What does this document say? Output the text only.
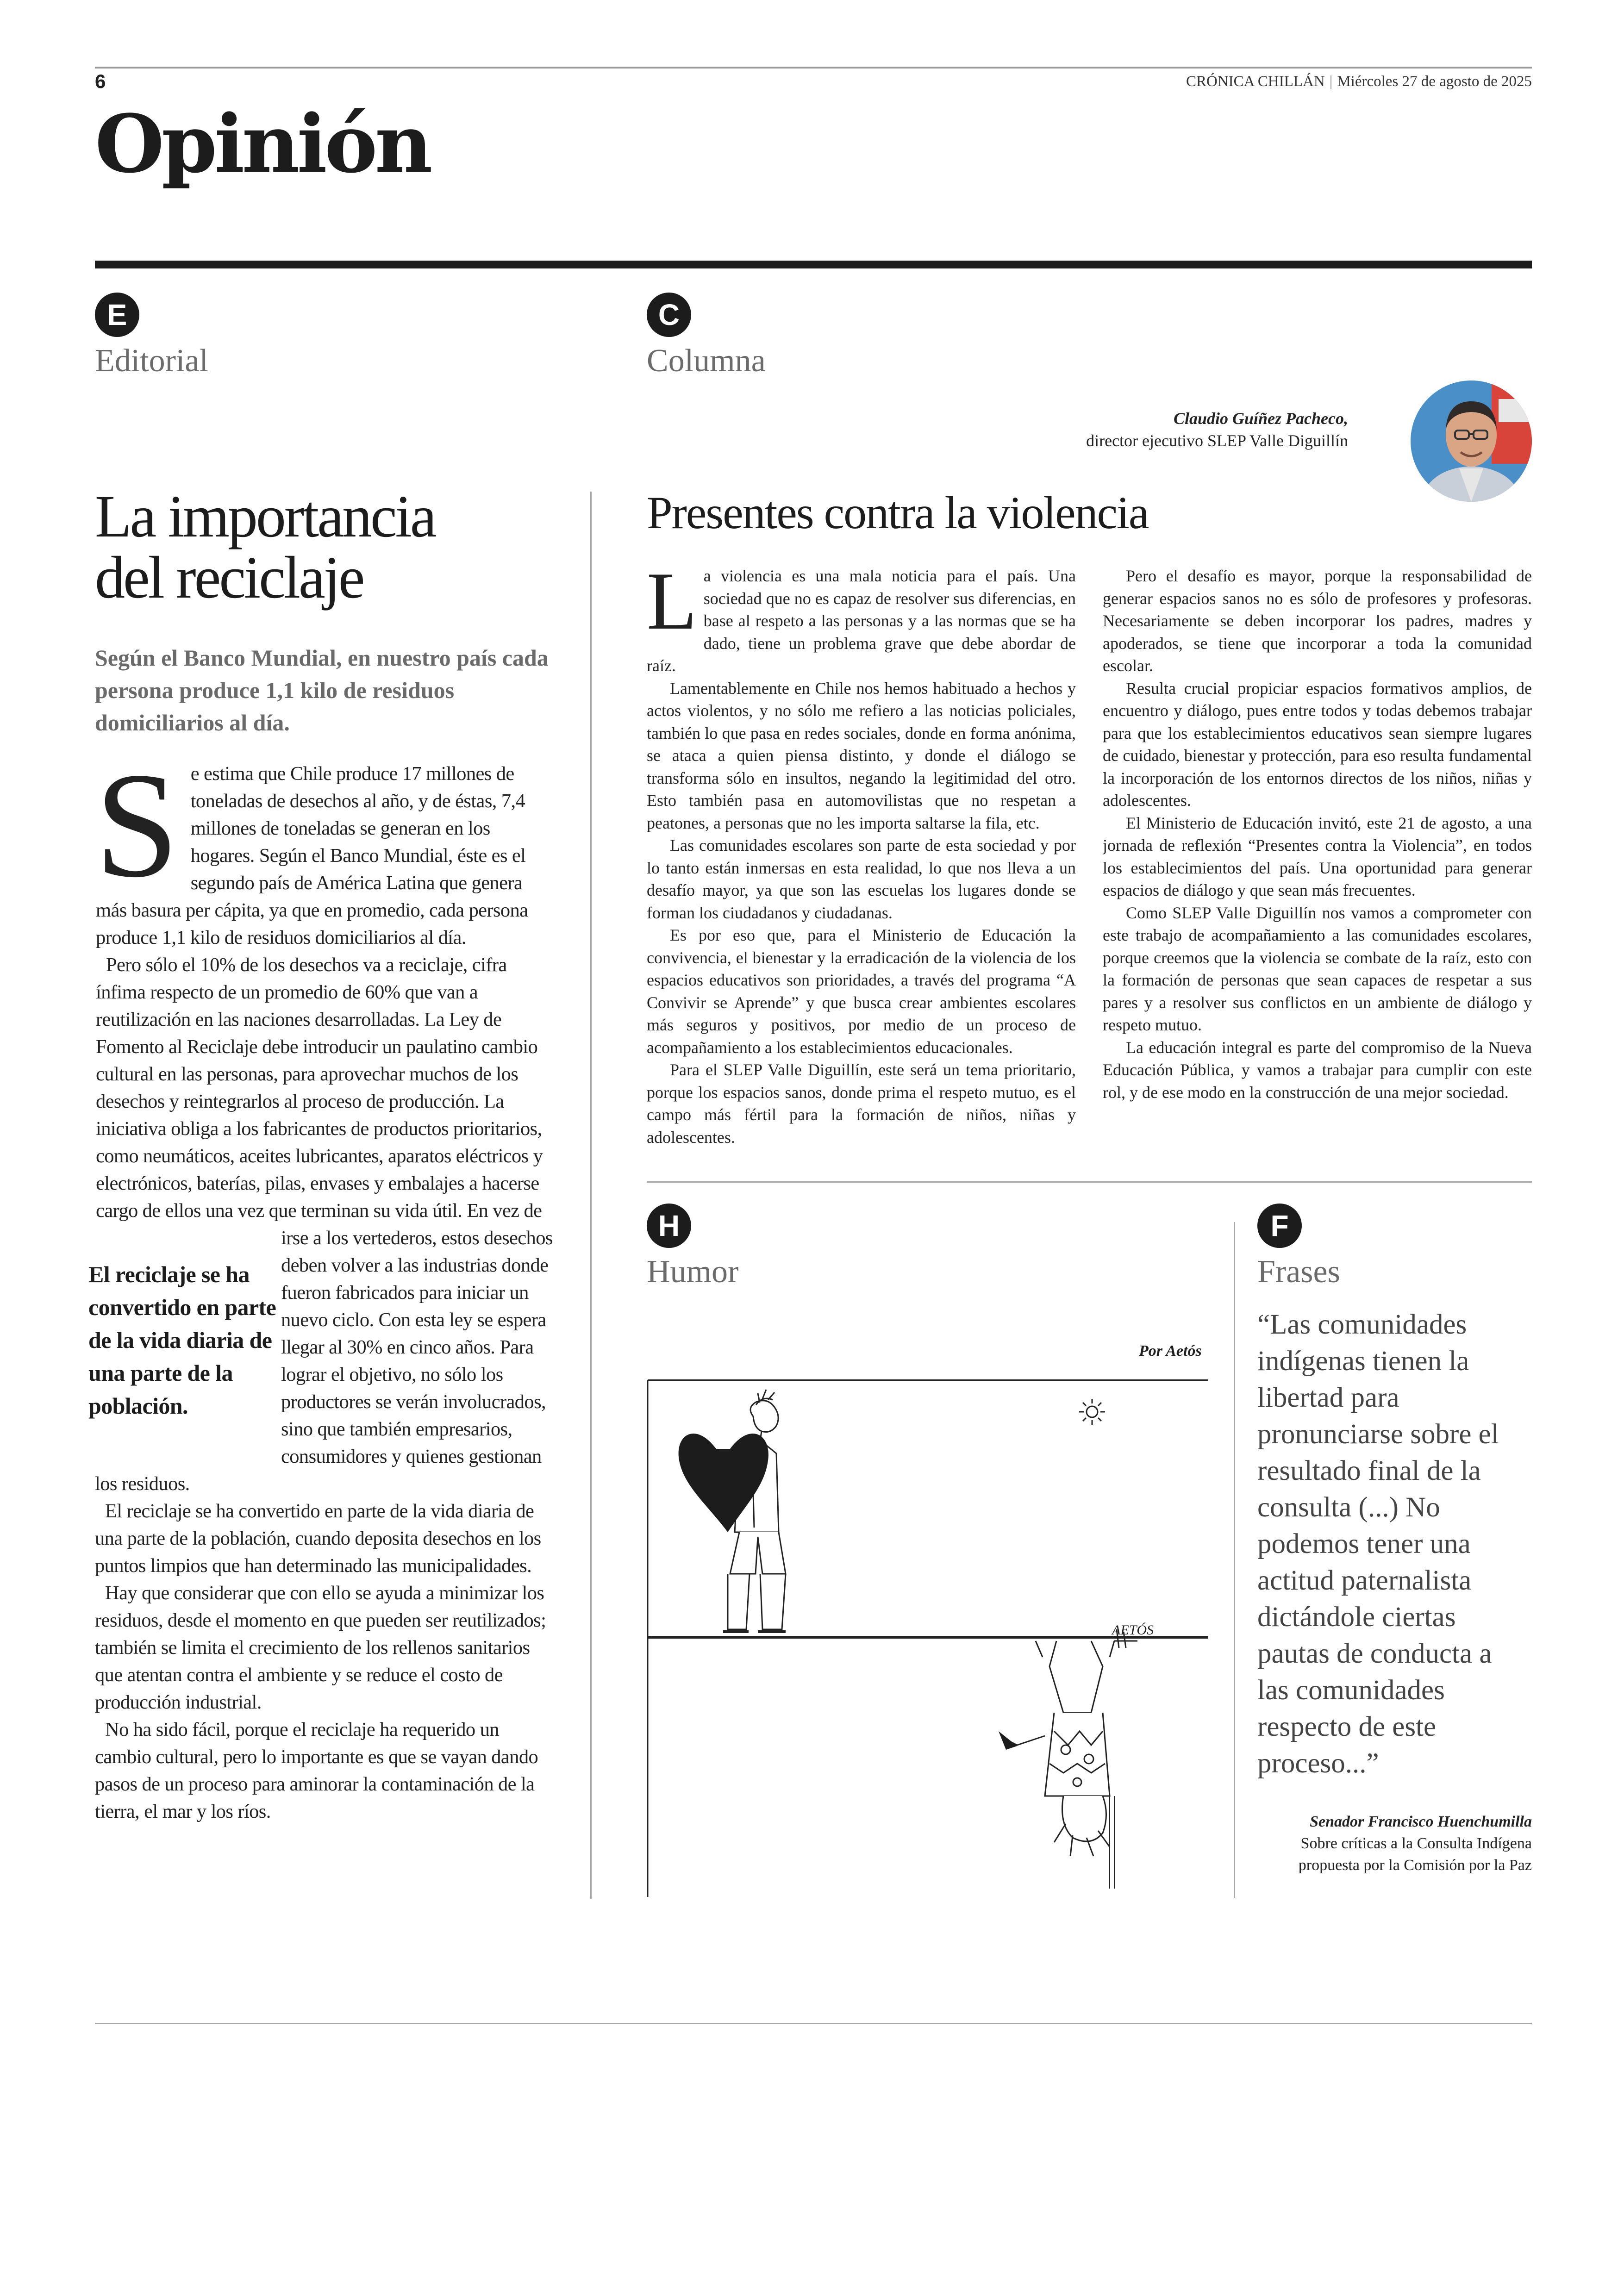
6	CRÓNICA CHILLÁN | Miércoles 27 de agosto de 2025
Opinión
E
Editorial
C
Columna
Claudio Guíñez Pacheco,
director ejecutivo SLEP Valle Diguillín
La importancia
del reciclaje
Según el Banco Mundial, en nuestro país cada persona produce 1,1 kilo de residuos domiciliarios al día.

S
El reciclaje se ha convertido en parte de la vida diaria de una parte de la población.
e estima que Chile produce 17 millones de toneladas de desechos al año, y de éstas, 7,4 millones de toneladas se generan en los hogares. Según el Banco Mundial, éste es el segundo país de América Latina que genera más basura per cápita, ya que en promedio, cada persona produce 1,1 kilo de residuos domiciliarios al día.

Pero sólo el 10% de los desechos va a reciclaje, cifra ínfima respecto de un promedio de 60% que van a reutilización en las naciones desarrolladas. La Ley de Fomento al Reciclaje debe introducir un paulatino cambio cultural en las personas, para aprovechar muchos de los desechos y reintegrarlos al proceso de producción. La iniciativa obliga a los fabricantes de productos prioritarios, como neumáticos, aceites lubricantes, aparatos eléctricos y electrónicos, baterías, pilas, envases y embalajes a hacerse cargo de ellos una vez que terminan su vida útil. En vez de irse a los vertederos, estos desechos deben volver a las industrias donde fueron fabricados para iniciar un nuevo ciclo. Con esta ley se espera llegar al 30% en cinco años. Para lograr el objetivo, no sólo los productores se verán involucrados, sino que también empresarios, consumidores y quienes gestionan los residuos.

El reciclaje se ha convertido en parte de la vida diaria de una parte de la población, cuando deposita desechos en los puntos limpios que han determinado las municipalidades.

Hay que considerar que con ello se ayuda a minimizar los residuos, desde el momento en que pueden ser reutilizados; también se limita el crecimiento de los rellenos sanitarios que atentan contra el ambiente y se reduce el costo de producción industrial.

No ha sido fácil, porque el reciclaje ha requerido un cambio cultural, pero lo importante es que se vayan dando pasos de un proceso para aminorar la contaminación de la tierra, el mar y los ríos.

Presentes contra la violencia

La violencia es una mala noticia para el país. Una sociedad que no es capaz de resolver sus diferencias, en base al respeto a las personas y a las normas que se ha dado, tiene un problema grave que debe abordar de raíz.

Lamentablemente en Chile nos hemos habituado a hechos y actos violentos, y no sólo me refiero a las noticias policiales, también lo que pasa en redes sociales, donde en forma anónima, se ataca a quien piensa distinto, y donde el diálogo se transforma sólo en insultos, negando la legitimidad del otro. Esto también pasa en automovilistas que no respetan a peatones, a personas que no les importa saltarse la fila, etc.

Las comunidades escolares son parte de esta sociedad y por lo tanto están inmersas en esta realidad, lo que nos lleva a un desafío mayor, ya que son las escuelas los lugares donde se forman los ciudadanos y ciudadanas.

Es por eso que, para el Ministerio de Educación la convivencia, el bienestar y la erradicación de la violencia de los espacios educativos son prioridades, a través del programa “A Convivir se Aprende” y que busca crear ambientes escolares más seguros y positivos, por medio de un proceso de acompañamiento a los establecimientos educacionales.

Para el SLEP Valle Diguillín, este será un tema prioritario, porque los espacios sanos, donde prima el respeto mutuo, es el campo más fértil para la formación de niños, niñas y adolescentes.

Pero el desafío es mayor, porque la responsabilidad de generar espacios sanos no es sólo de profesores y profesoras. Necesariamente se deben incorporar los padres, madres y apoderados, se tiene que incorporar a toda la comunidad escolar.

Resulta crucial propiciar espacios formativos amplios, de encuentro y diálogo, pues entre todos y todas debemos trabajar para que los establecimientos educativos sean siempre lugares de cuidado, bienestar y protección, para eso resulta fundamental la incorporación de los entornos directos de los niños, niñas y adolescentes.

El Ministerio de Educación invitó, este 21 de agosto, a una jornada de reflexión “Presentes contra la Violencia”, en todos los establecimientos del país. Una oportunidad para generar espacios de diálogo y que sean más frecuentes.

Como SLEP Valle Diguillín nos vamos a comprometer con este trabajo de acompañamiento a las comunidades escolares, porque creemos que la violencia se combate de la raíz, esto con la formación de personas que sean capaces de respetar a sus pares y a resolver sus conflictos en un ambiente de diálogo y respeto mutuo.

La educación integral es parte del compromiso de la Nueva Educación Pública, y vamos a trabajar para cumplir con este rol, y de ese modo en la construcción de una mejor sociedad.

H
Humor
Por Aetós
AETÓS
F
Frases
“Las comunidades indígenas tienen la libertad para pronunciarse sobre el resultado final de la consulta (...) No podemos tener una actitud paternalista dictándole ciertas pautas de conducta a las comunidades respecto de este proceso...”
Senador Francisco Huenchumilla
Sobre críticas a la Consulta Indígena propuesta por la Comisión por la Paz
